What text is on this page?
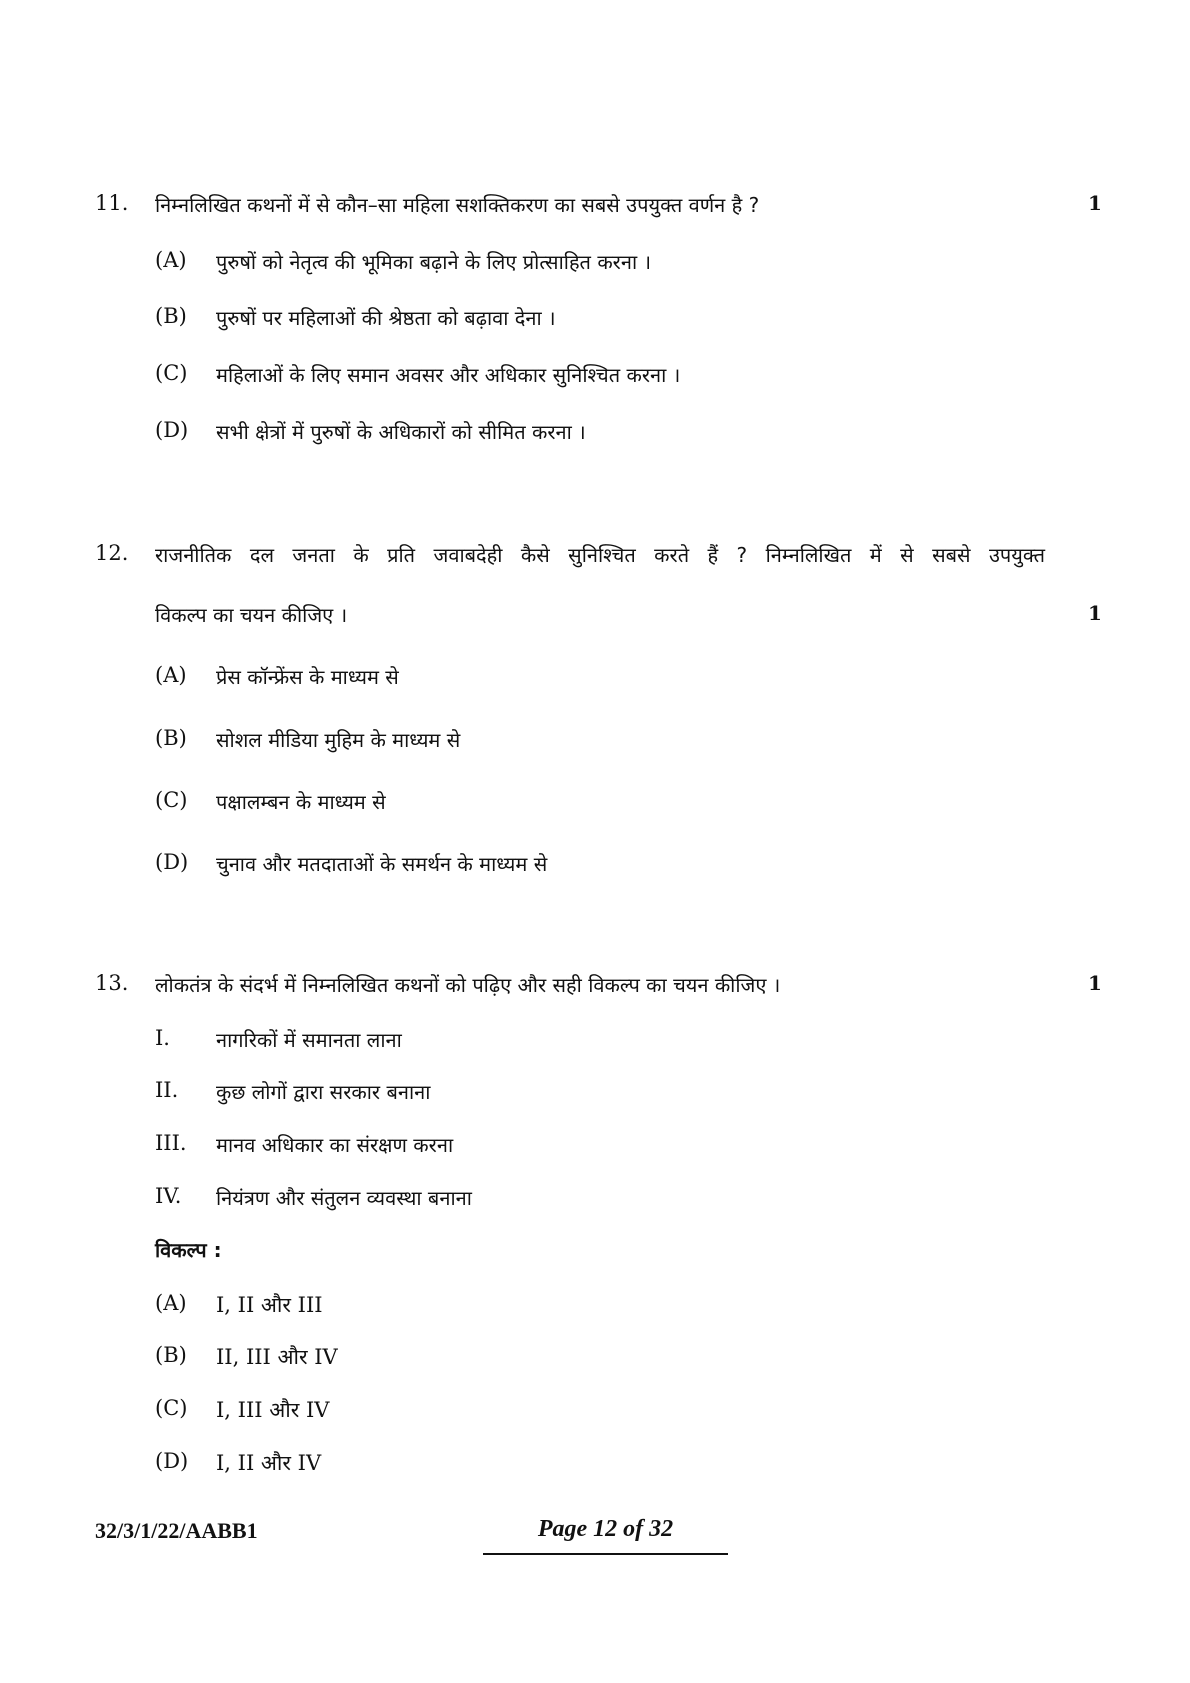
11. निम्नलिखित कथनों में से कौन–सा महिला सशक्तिकरण का सबसे उपयुक्त वर्णन है ?	1
(A) पुरुषों को नेतृत्व की भूमिका बढ़ाने के लिए प्रोत्साहित करना ।
(B) पुरुषों पर महिलाओं की श्रेष्ठता को बढ़ावा देना ।
(C) महिलाओं के लिए समान अवसर और अधिकार सुनिश्चित करना ।
(D) सभी क्षेत्रों में पुरुषों के अधिकारों को सीमित करना ।
12. राजनीतिक दल जनता के प्रति जवाबदेही कैसे सुनिश्चित करते हैं ? निम्नलिखित में से सबसे उपयुक्त
विकल्प का चयन कीजिए ।	1
(A) प्रेस कॉन्फ्रेंस के माध्यम से
(B) सोशल मीडिया मुहिम के माध्यम से
(C) पक्षालम्बन के माध्यम से
(D) चुनाव और मतदाताओं के समर्थन के माध्यम से
13. लोकतंत्र के संदर्भ में निम्नलिखित कथनों को पढ़िए और सही विकल्प का चयन कीजिए ।	1
I. नागरिकों में समानता लाना
II. कुछ लोगों द्वारा सरकार बनाना
III. मानव अधिकार का संरक्षण करना
IV. नियंत्रण और संतुलन व्यवस्था बनाना
विकल्प :
(A) I, II और III
(B) II, III और IV
(C) I, III और IV
(D) I, II और IV
32/3/1/22/AABB1	Page 12 of 32
